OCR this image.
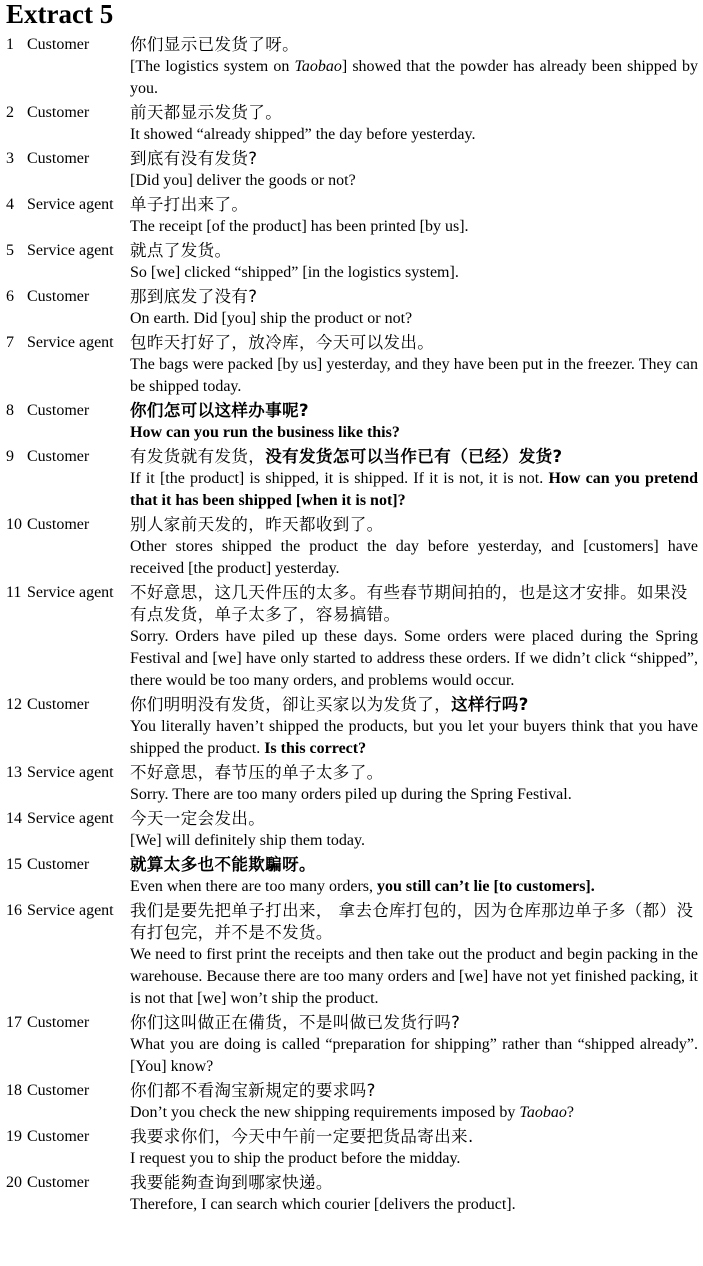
Extract 5
1 Customer 你们显示已发货了呀。
[The logistics system on Taobao] showed that the powder has already been shipped by you.
2 Customer 前天都显示发货了。
It showed “already shipped” the day before yesterday.
3 Customer 到底有没有发货?
[Did you] deliver the goods or not?
4 Service agent 单子打出来了。
The receipt [of the product] has been printed [by us].
5 Service agent 就点了发货。
So [we] clicked “shipped” [in the logistics system].
6 Customer 那到底发了没有?
On earth. Did [you] ship the product or not?
7 Service agent 包昨天打好了，放冷库，今天可以发出。
The bags were packed [by us] yesterday, and they have been put in the freezer. They can be shipped today.
8 Customer 你们怎可以这样办事呢?
How can you run the business like this?
9 Customer 有发货就有发货，没有发货怎可以当作已有（已经）发货?
If it [the product] is shipped, it is shipped. If it is not, it is not. How can you pretend that it has been shipped [when it is not]?
10 Customer 别人家前天发的，昨天都收到了。
Other stores shipped the product the day before yesterday, and [customers] have received [the product] yesterday.
11 Service agent 不好意思，这几天件压的太多。有些春节期间拍的，也是这才安排。如果没有点发货，单子太多了，容易搞错。
Sorry. Orders have piled up these days. Some orders were placed during the Spring Festival and [we] have only started to address these orders. If we didn’t click “shipped”, there would be too many orders, and problems would occur.
12 Customer 你们明明没有发货，卻让买家以为发货了，这样行吗?
You literally haven’t shipped the products, but you let your buyers think that you have shipped the product. Is this correct?
13 Service agent 不好意思，春节压的单子太多了。
Sorry. There are too many orders piled up during the Spring Festival.
14 Service agent 今天一定会发出。
[We] will definitely ship them today.
15 Customer 就算太多也不能欺騙呀。
Even when there are too many orders, you still can’t lie [to customers].
16 Service agent 我们是要先把单子打出来， 拿去仓库打包的，因为仓库那边单子多（都）没有打包完，并不是不发货。
We need to first print the receipts and then take out the product and begin packing in the warehouse. Because there are too many orders and [we] have not yet finished packing, it is not that [we] won’t ship the product.
17 Customer 你们这叫做正在備货，不是叫做已发货行吗?
What you are doing is called “preparation for shipping” rather than “shipped already”. [You] know?
18 Customer 你们都不看淘宝新規定的要求吗?
Don’t you check the new shipping requirements imposed by Taobao?
19 Customer 我要求你们，今天中午前一定要把货品寄出来.
I request you to ship the product before the midday.
20 Customer 我要能夠查询到哪家快递。
Therefore, I can search which courier [delivers the product].
